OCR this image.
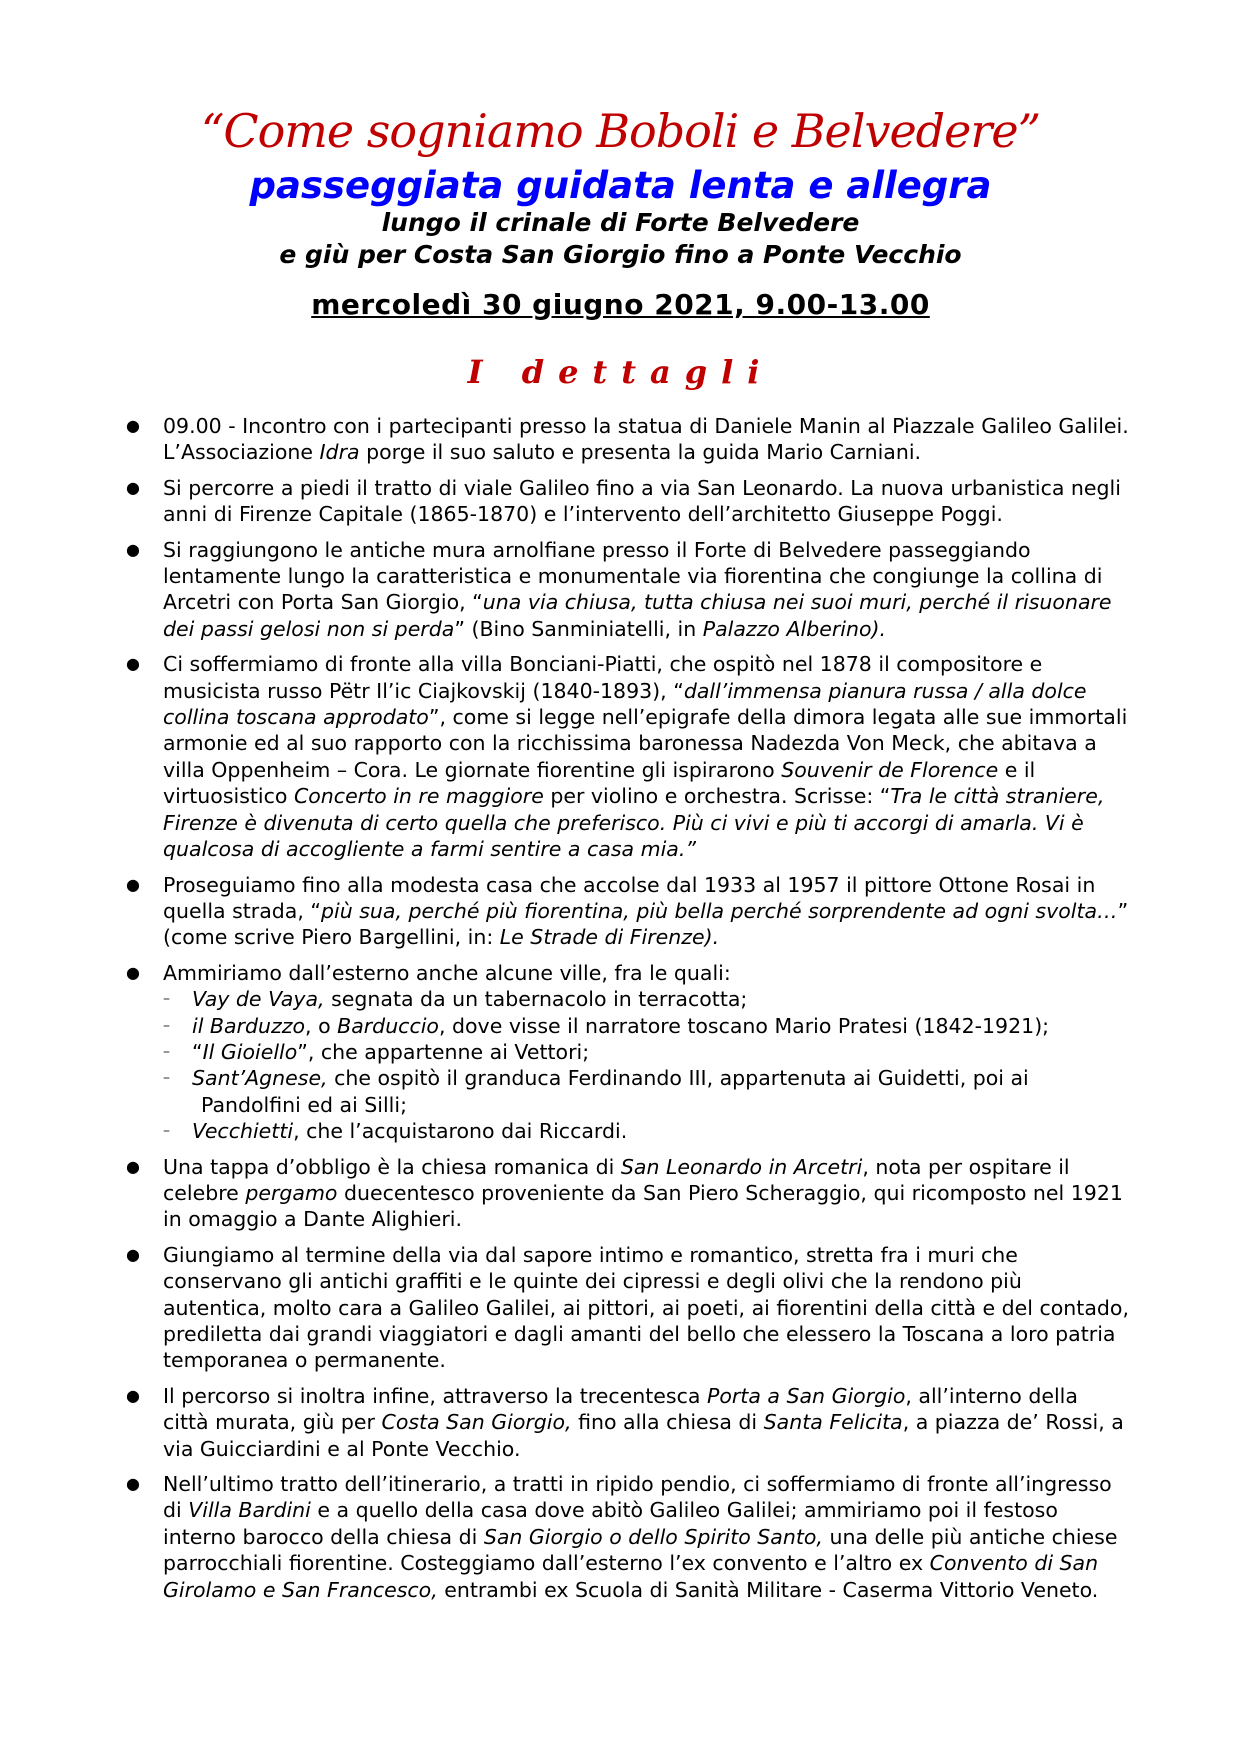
“Come sogniamo Boboli e Belvedere”
passeggiata guidata lenta e allegra

lungo il crinale di Forte Belvedere

e giù per Costa San Giorgio fino a Ponte Vecchio

mercoledì 30 giugno 2021, 9.00-13.00

I dettagli

● 09.00 - Incontro con i partecipanti presso la statua di Daniele Manin al Piazzale Galileo Galilei. L’Associazione Idra porge il suo saluto e presenta la guida Mario Carniani.
● Si percorre a piedi il tratto di viale Galileo fino a via San Leonardo. La nuova urbanistica negli anni di Firenze Capitale (1865-1870) e l’intervento dell’architetto Giuseppe Poggi.
● Si raggiungono le antiche mura arnolfiane presso il Forte di Belvedere passeggiando lentamente lungo la caratteristica e monumentale via fiorentina che congiunge la collina di Arcetri con Porta San Giorgio, “una via chiusa, tutta chiusa nei suoi muri, perché il risuonare dei passi gelosi non si perda” (Bino Sanminiatelli, in Palazzo Alberino).
● Ci soffermiamo di fronte alla villa Bonciani-Piatti, che ospitò nel 1878 il compositore e musicista russo Pëtr Il’ic Ciajkovskij (1840-1893), “dall’immensa pianura russa / alla dolce collina toscana approdato”, come si legge nell’epigrafe della dimora legata alle sue immortali armonie ed al suo rapporto con la ricchissima baronessa Nadezda Von Meck, che abitava a villa Oppenheim – Cora. Le giornate fiorentine gli ispirarono Souvenir de Florence e il virtuosistico Concerto in re maggiore per violino e orchestra. Scrisse: “Tra le città straniere, Firenze è divenuta di certo quella che preferisco. Più ci vivi e più ti accorgi di amarla. Vi è qualcosa di accogliente a farmi sentire a casa mia.”
● Proseguiamo fino alla modesta casa che accolse dal 1933 al 1957 il pittore Ottone Rosai in quella strada, “più sua, perché più fiorentina, più bella perché sorprendente ad ogni svolta…” (come scrive Piero Bargellini, in: Le Strade di Firenze).
● Ammiriamo dall’esterno anche alcune ville, fra le quali:
– Vay de Vaya, segnata da un tabernacolo in terracotta;
– il Barduzzo, o Barduccio, dove visse il narratore toscano Mario Pratesi (1842-1921);
– “Il Gioiello”, che appartenne ai Vettori;
– Sant’Agnese, che ospitò il granduca Ferdinando III, appartenuta ai Guidetti, poi ai
Pandolfini ed ai Silli;
– Vecchietti, che l’acquistarono dai Riccardi.
● Una tappa d’obbligo è la chiesa romanica di San Leonardo in Arcetri, nota per ospitare il celebre pergamo duecentesco proveniente da San Piero Scheraggio, qui ricomposto nel 1921 in omaggio a Dante Alighieri.
● Giungiamo al termine della via dal sapore intimo e romantico, stretta fra i muri che conservano gli antichi graffiti e le quinte dei cipressi e degli olivi che la rendono più autentica, molto cara a Galileo Galilei, ai pittori, ai poeti, ai fiorentini della città e del contado, prediletta dai grandi viaggiatori e dagli amanti del bello che elessero la Toscana a loro patria temporanea o permanente.
● Il percorso si inoltra infine, attraverso la trecentesca Porta a San Giorgio, all’interno della città murata, giù per Costa San Giorgio, fino alla chiesa di Santa Felicita, a piazza de’ Rossi, a via Guicciardini e al Ponte Vecchio.
● Nell’ultimo tratto dell’itinerario, a tratti in ripido pendio, ci soffermiamo di fronte all’ingresso di Villa Bardini e a quello della casa dove abitò Galileo Galilei; ammiriamo poi il festoso interno barocco della chiesa di San Giorgio o dello Spirito Santo, una delle più antiche chiese parrocchiali fiorentine. Costeggiamo dall’esterno l’ex convento e l’altro ex Convento di San Girolamo e San Francesco, entrambi ex Scuola di Sanità Militare - Caserma Vittorio Veneto.
